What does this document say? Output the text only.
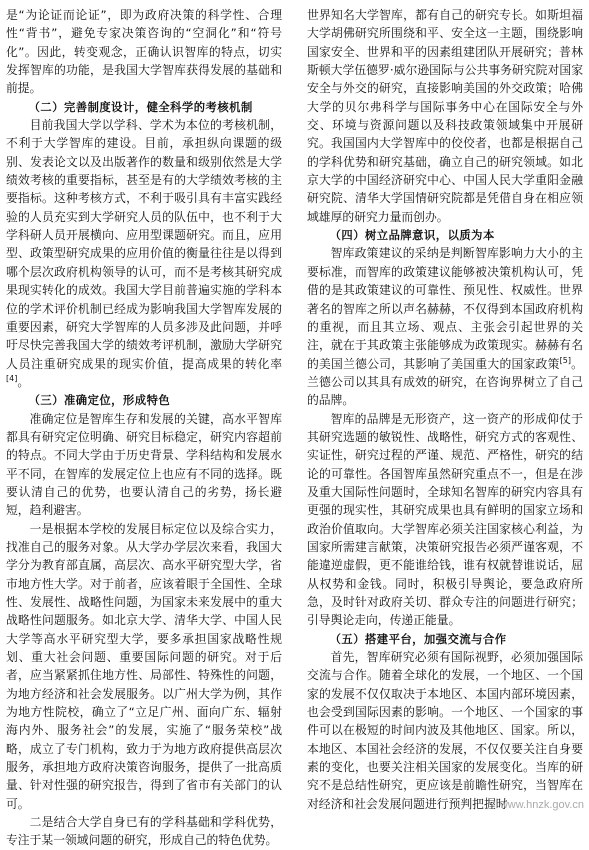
是“为论证而论证”，即为政府决策的科学性、合理性“背书”，避免专家决策咨询的“空洞化”和“符号化”。因此，转变观念，正确认识智库的特点，切实发挥智库的功能，是我国大学智库获得发展的基础和前提。

（二）完善制度设计，健全科学的考核机制

目前我国大学以学科、学术为本位的考核机制，不利于大学智库的建设。目前，承担纵向课题的级别、发表论文以及出版著作的数量和级别依然是大学绩效考核的重要指标，甚至是有的大学绩效考核的主要指标。这种考核方式，不利于吸引具有丰富实践经验的人员充实到大学研究人员的队伍中，也不利于大学科研人员开展横向、应用型课题研究。而且，应用型、政策型研究成果的应用价值的衡量往往是以得到哪个层次政府机构领导的认可，而不是考核其研究成果现实转化的成效。我国大学目前普遍实施的学科本位的学术评价机制已经成为影响我国大学智库发展的重要因素，研究大学智库的人员多涉及此问题，并呼吁尽快完善我国大学的绩效考评机制，激励大学研究人员注重研究成果的现实价值，提高成果的转化率[4]。

（三）准确定位，形成特色

准确定位是智库生存和发展的关键，高水平智库都具有研究定位明确、研究目标稳定，研究内容超前的特点。不同大学由于历史背景、学科结构和发展水平不同，在智库的发展定位上也应有不同的选择。既要认清自己的优势，也要认清自己的劣势，扬长避短，趋利避害。

一是根据本学校的发展目标定位以及综合实力，找准自己的服务对象。从大学办学层次来看，我国大学分为教育部直属，高层次、高水平研究型大学，省市地方性大学。对于前者，应该着眼于全国性、全球性、发展性、战略性问题，为国家未来发展中的重大战略性问题服务。如北京大学、清华大学、中国人民大学等高水平研究型大学，要多承担国家战略性规划、重大社会问题、重要国际问题的研究。对于后者，应当紧紧抓住地方性、局部性、特殊性的问题，为地方经济和社会发展服务。以广州大学为例，其作为地方性院校，确立了“立足广州、面向广东、辐射海内外、服务社会”的发展，实施了“服务荣校”战略，成立了专门机构，致力于为地方政府提供高层次服务，承担地方政府决策咨询服务，提供了一批高质量、针对性强的研究报告，得到了省市有关部门的认可。

二是结合大学自身已有的学科基础和学科优势，专注于某一领域问题的研究，形成自己的特色优势。

世界知名大学智库，都有自己的研究专长。如斯坦福大学胡佛研究所围绕和平、安全这一主题，围绕影响国家安全、世界和平的因素组建团队开展研究；普林斯顿大学伍德罗·威尔逊国际与公共事务研究院对国家安全与外交的研究，直接影响美国的外交政策；哈佛大学的贝尔弗科学与国际事务中心在国际安全与外交、环境与资源问题以及科技政策领域集中开展研究。我国国内大学智库中的佼佼者，也都是根据自己的学科优势和研究基础，确立自己的研究领域。如北京大学的中国经济研究中心、中国人民大学重阳金融研究院、清华大学国情研究院都是凭借自身在相应领域雄厚的研究力量而创办。

（四）树立品牌意识，以质为本

智库政策建议的采纳是判断智库影响力大小的主要标准，而智库的政策建议能够被决策机构认可，凭借的是其政策建议的可靠性、预见性、权威性。世界著名的智库之所以声名赫赫，不仅得到本国政府机构的重视，而且其立场、观点、主张会引起世界的关注，就在于其政策主张能够成为政策现实。赫赫有名的美国兰德公司，其影响了美国重大的国家政策[5]。兰德公司以其具有成效的研究，在咨询界树立了自己的品牌。

智库的品牌是无形资产，这一资产的形成仰仗于其研究选题的敏锐性、战略性，研究方式的客观性、实证性，研究过程的严谨、规范、严格性，研究的结论的可靠性。各国智库虽然研究重点不一，但是在涉及重大国际性问题时，全球知名智库的研究内容具有更强的现实性，其研究成果也具有鲜明的国家立场和政治价值取向。大学智库必须关注国家核心利益，为国家所需建言献策，决策研究报告必须严谨客观，不能違逆虚假，更不能谁给钱，谁有权就替谁说话，屈从权势和金钱。同时，积极引导舆论，要急政府所急，及时针对政府关切、群众专注的问题进行研究；引导舆论走向，传递正能量。

（五）搭建平台，加强交流与合作

首先，智库研究必须有国际视野，必须加强国际交流与合作。随着全球化的发展，一个地区、一个国家的发展不仅仅取决于本地区、本国内部环境因素，也会受到国际因素的影响。一个地区、一个国家的事件可以在极短的时间内波及其他地区、国家。所以，本地区、本国社会经济的发展，不仅仅要关注自身要素的变化，也要关注相关国家的发展变化。当库的研究不是总结性研究，更应该是前瞻性研究，当智库在对经济和社会发展问题进行预判把握时

www.hnzk.gov.cn
